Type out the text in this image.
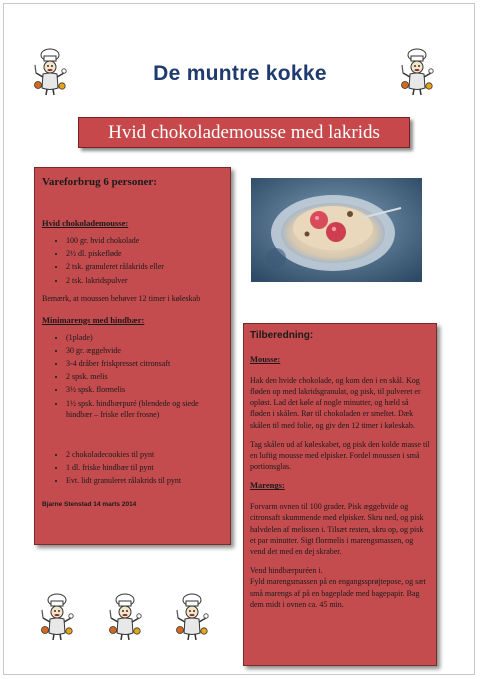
De muntre kokke
Hvid chokolademousse med lakrids
Vareforbrug 6 personer:
Hvid chokolademousse:
• 100 gr. hvid chokolade
• 2½ dl. piskefløde
• 2 tsk. granuleret rålakrids eller
• 2 tsk. lakridspulver
Bemærk, at moussen behøver 12 timer i køleskab
Minimarengs med hindbær:
• (1plade)
• 30 gr. æggehvide
• 3-4 dråber friskpresset citronsaft
• 2 spsk. melis
• 3½ spsk. flormelis
• 1½ spsk. hindbærpuré (blendede og siede hindbær – friske eller frosne)
• 2 chokoladecookies til pynt
• 1 dl. friske hindbær til pynt
• Evt. lidt granuleret rålakrids til pynt
Bjarne Stenstad 14 marts 2014
Tilberedning:
Mousse:

Hak den hvide chokolade, og kom den i en skål. Kog fløden op med lakridsgranulat, og pisk, til pulveret er opløst. Lad det køle af nogle minutter, og hæld så fløden i skålen. Rør til chokoladen er smeltet. Dæk skålen til med folie, og giv den 12 timer i køleskab.

Tag skålen ud af køleskabet, og pisk den kolde masse til en luftig mousse med elpisker. Fordel moussen i små portionsglas.

Marengs:

Forvarm ovnen til 100 grader. Pisk æggehvide og citronsaft skummende med elpisker. Skru ned, og pisk halvdelen af melissen i. Tilsæt resten, skru op, og pisk et par minutter. Sigt flormelis i marengsmassen, og vend det med en dej skraber.

Vend hindbærpuréen i.
Fyld marengsmassen på en engangssprøjtepose, og sæt små marengs af på en bageplade med bagepapir. Bag dem midt i ovnen ca. 45 min.
